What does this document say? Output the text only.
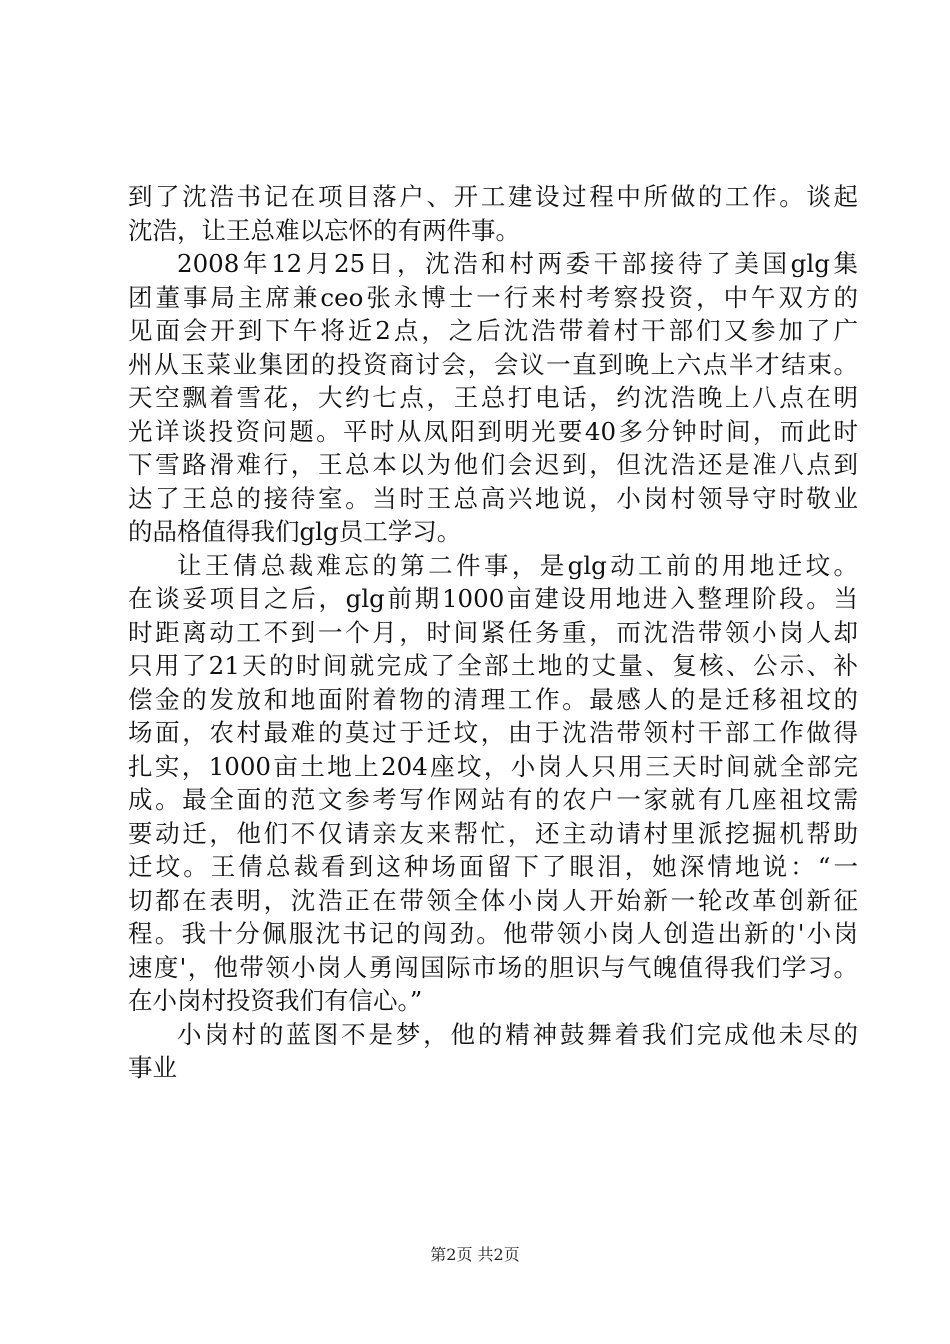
到了沈浩书记在项目落户、开工建设过程中所做的工作。谈起
沈浩，让王总难以忘怀的有两件事。
2008年12月25日，沈浩和村两委干部接待了美国glg集
团董事局主席兼ceo张永博士一行来村考察投资，中午双方的
见面会开到下午将近2点，之后沈浩带着村干部们又参加了广
州从玉菜业集团的投资商讨会，会议一直到晚上六点半才结束。
天空飘着雪花，大约七点，王总打电话，约沈浩晚上八点在明
光详谈投资问题。平时从凤阳到明光要40多分钟时间，而此时
下雪路滑难行，王总本以为他们会迟到，但沈浩还是准八点到
达了王总的接待室。当时王总高兴地说，小岗村领导守时敬业
的品格值得我们glg员工学习。
让王倩总裁难忘的第二件事，是glg动工前的用地迁坟。
在谈妥项目之后，glg前期1000亩建设用地进入整理阶段。当
时距离动工不到一个月，时间紧任务重，而沈浩带领小岗人却
只用了21天的时间就完成了全部土地的丈量、复核、公示、补
偿金的发放和地面附着物的清理工作。最感人的是迁移祖坟的
场面，农村最难的莫过于迁坟，由于沈浩带领村干部工作做得
扎实，1000亩土地上204座坟，小岗人只用三天时间就全部完
成。最全面的范文参考写作网站有的农户一家就有几座祖坟需
要动迁，他们不仅请亲友来帮忙，还主动请村里派挖掘机帮助
迁坟。王倩总裁看到这种场面留下了眼泪，她深情地说：“一
切都在表明，沈浩正在带领全体小岗人开始新一轮改革创新征
程。我十分佩服沈书记的闯劲。他带领小岗人创造出新的'小岗
速度'，他带领小岗人勇闯国际市场的胆识与气魄值得我们学习。
在小岗村投资我们有信心。”
小岗村的蓝图不是梦，他的精神鼓舞着我们完成他未尽的
事业
第2页 共2页
